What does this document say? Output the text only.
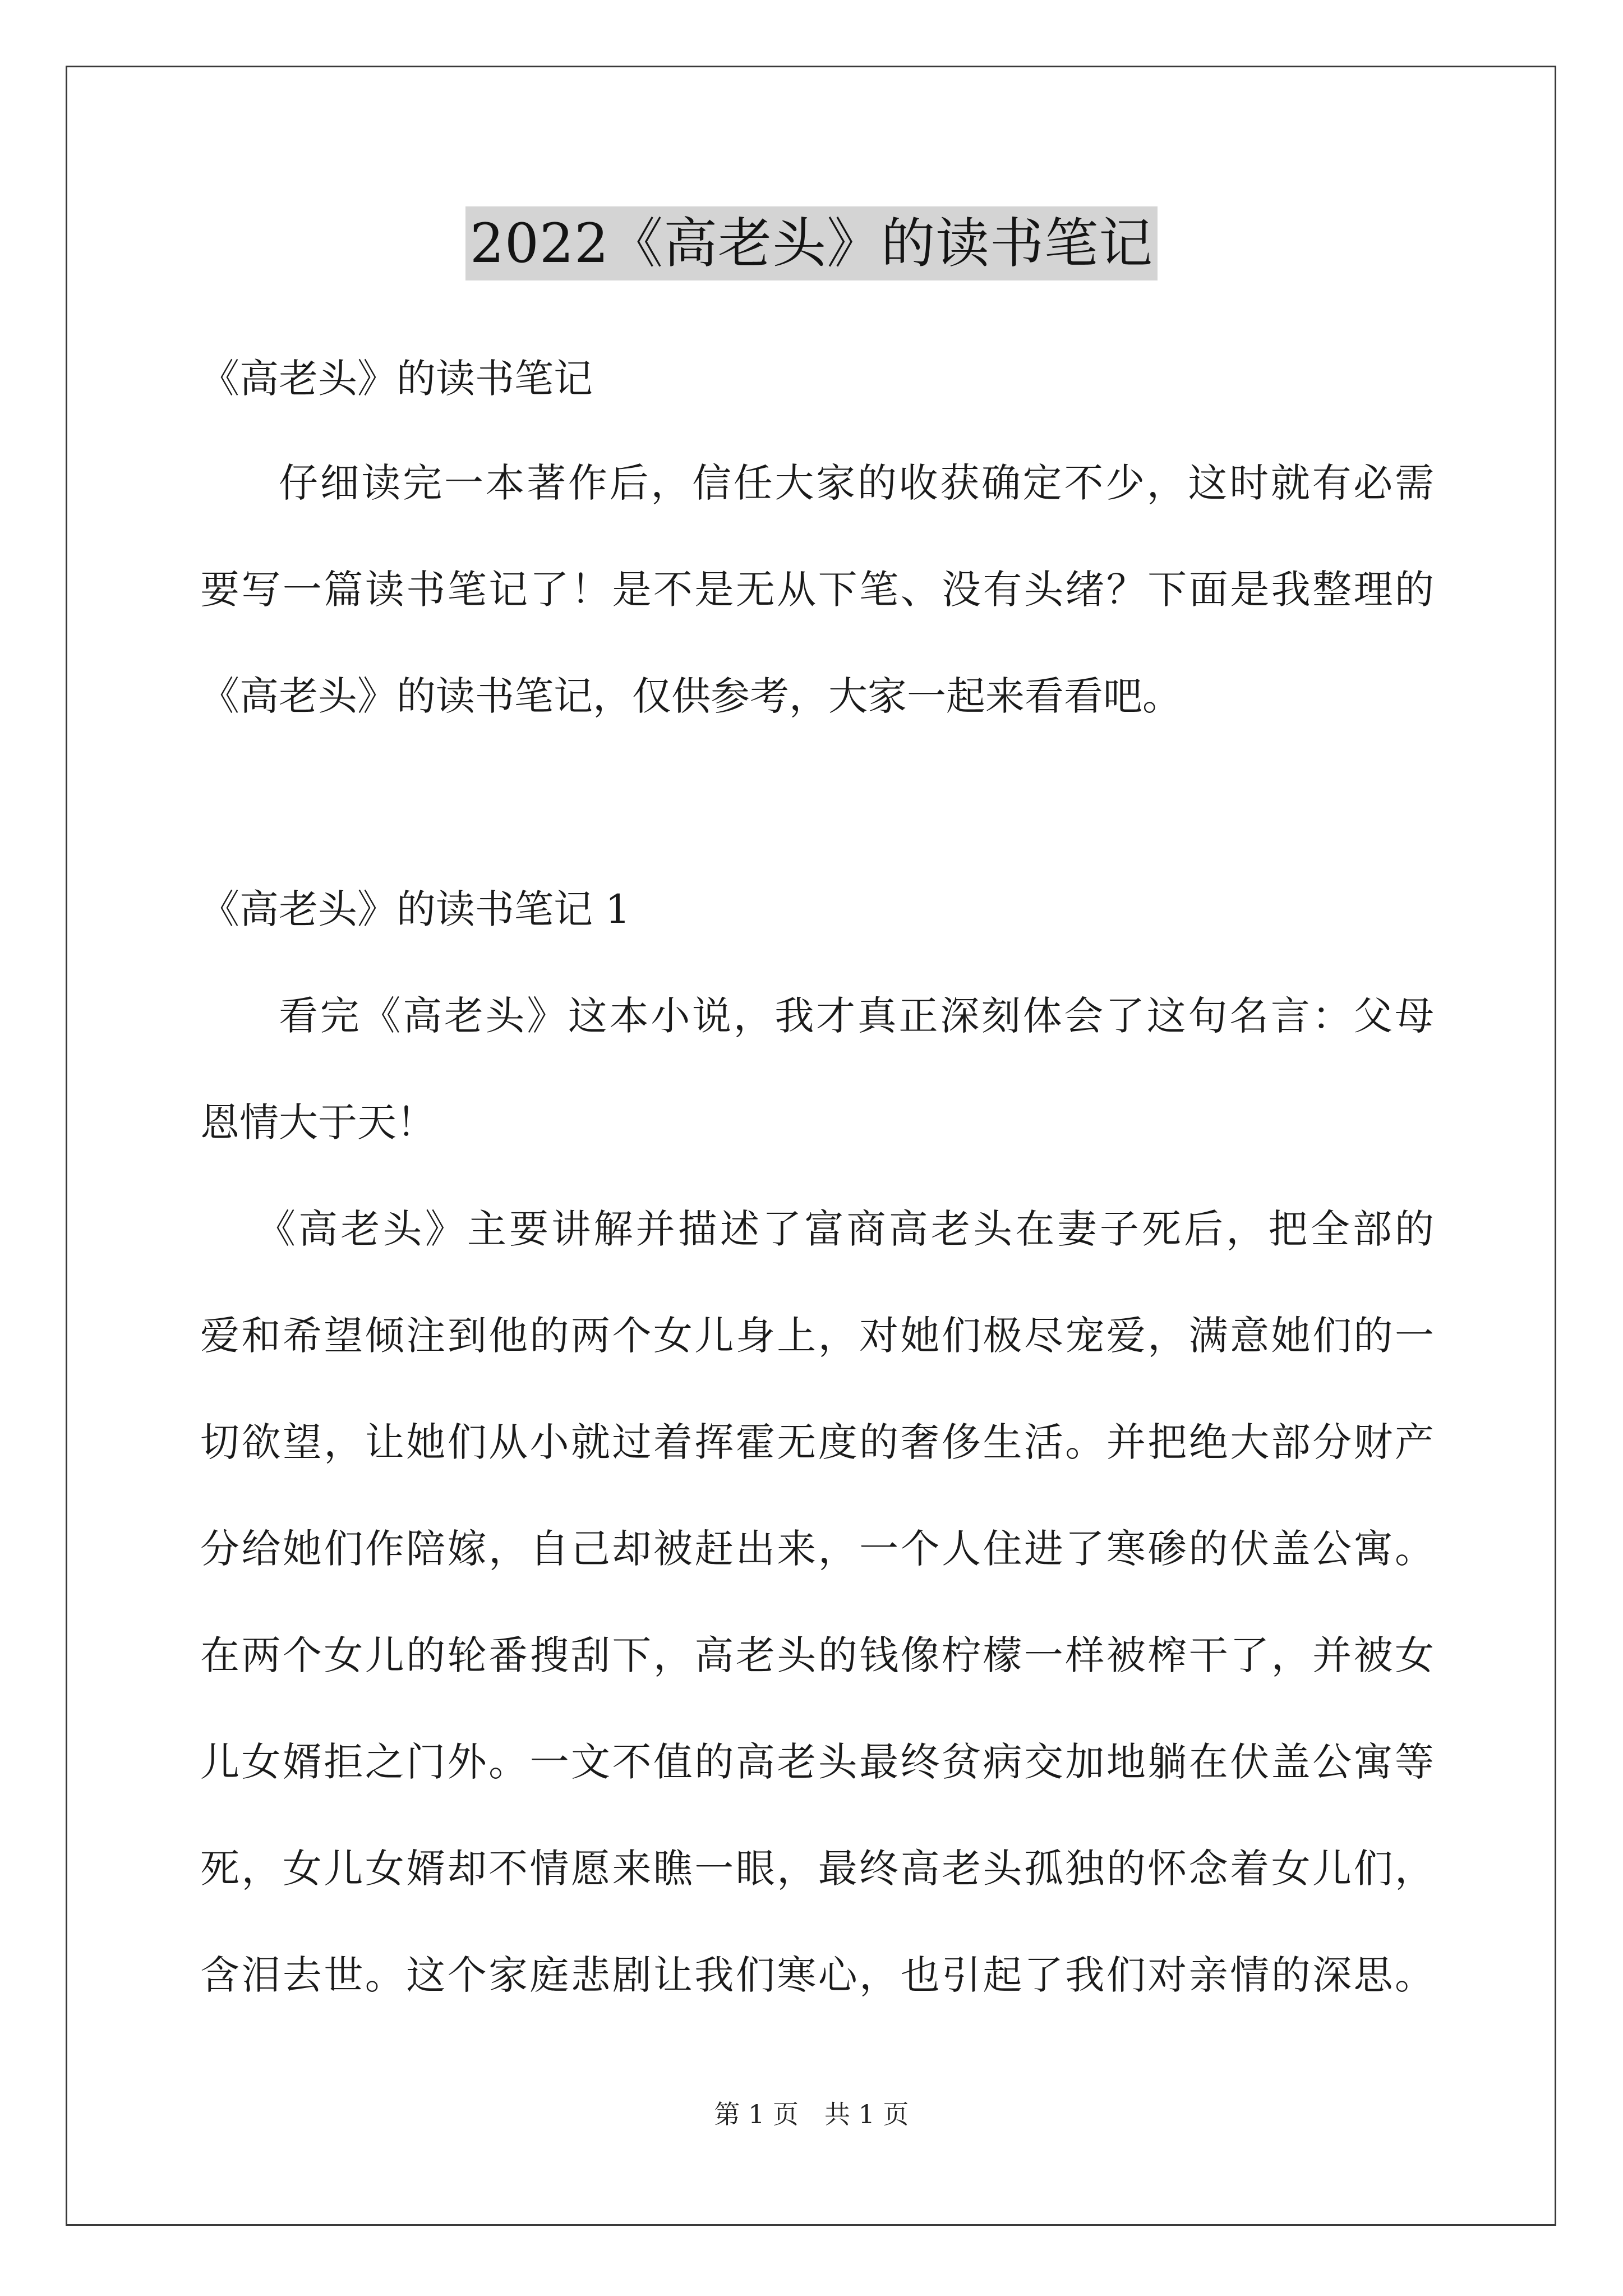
2022《高老头》的读书笔记
《高老头》的读书笔记
仔细读完一本著作后，信任大家的收获确定不少，这时就有必需
要写一篇读书笔记了！是不是无从下笔、没有头绪？下面是我整理的
《高老头》的读书笔记，仅供参考，大家一起来看看吧。
《高老头》的读书笔记 1
看完《高老头》这本小说，我才真正深刻体会了这句名言：父母
恩情大于天！
《高老头》主要讲解并描述了富商高老头在妻子死后，把全部的
爱和希望倾注到他的两个女儿身上，对她们极尽宠爱，满意她们的一
切欲望，让她们从小就过着挥霍无度的奢侈生活。并把绝大部分财产
分给她们作陪嫁，自己却被赶出来，一个人住进了寒碜的伏盖公寓。
在两个女儿的轮番搜刮下，高老头的钱像柠檬一样被榨干了，并被女
儿女婿拒之门外。一文不值的高老头最终贫病交加地躺在伏盖公寓等
死，女儿女婿却不情愿来瞧一眼，最终高老头孤独的怀念着女儿们，
含泪去世。这个家庭悲剧让我们寒心，也引起了我们对亲情的深思。
第 1 页　共 1 页
